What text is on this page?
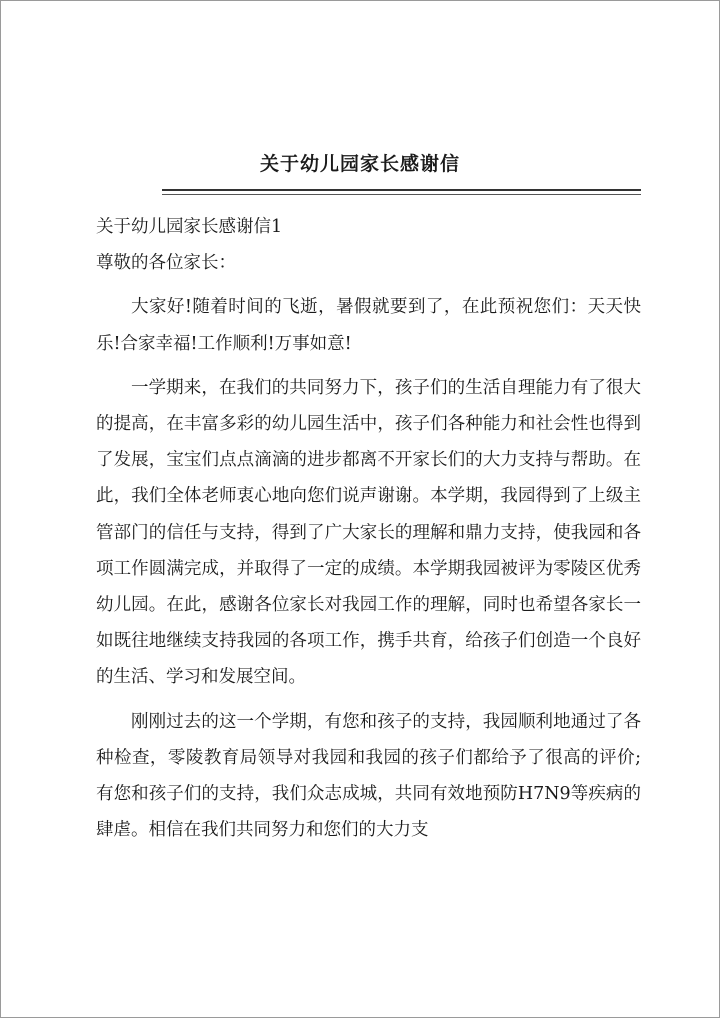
关于幼儿园家长感谢信

关于幼儿园家长感谢信1

尊敬的各位家长：

大家好!随着时间的飞逝，暑假就要到了，在此预祝您们：天天快乐!合家幸福!工作顺利!万事如意!

一学期来，在我们的共同努力下，孩子们的生活自理能力有了很大的提高，在丰富多彩的幼儿园生活中，孩子们各种能力和社会性也得到了发展，宝宝们点点滴滴的进步都离不开家长们的大力支持与帮助。在此，我们全体老师衷心地向您们说声谢谢。本学期，我园得到了上级主管部门的信任与支持，得到了广大家长的理解和鼎力支持，使我园和各项工作圆满完成，并取得了一定的成绩。本学期我园被评为零陵区优秀幼儿园。在此，感谢各位家长对我园工作的理解，同时也希望各家长一如既往地继续支持我园的各项工作，携手共育，给孩子们创造一个良好的生活、学习和发展空间。

刚刚过去的这一个学期，有您和孩子的支持，我园顺利地通过了各种检查，零陵教育局领导对我园和我园的孩子们都给予了很高的评价;有您和孩子们的支持，我们众志成城，共同有效地预防H7N9等疾病的肆虐。相信在我们共同努力和您们的大力支
